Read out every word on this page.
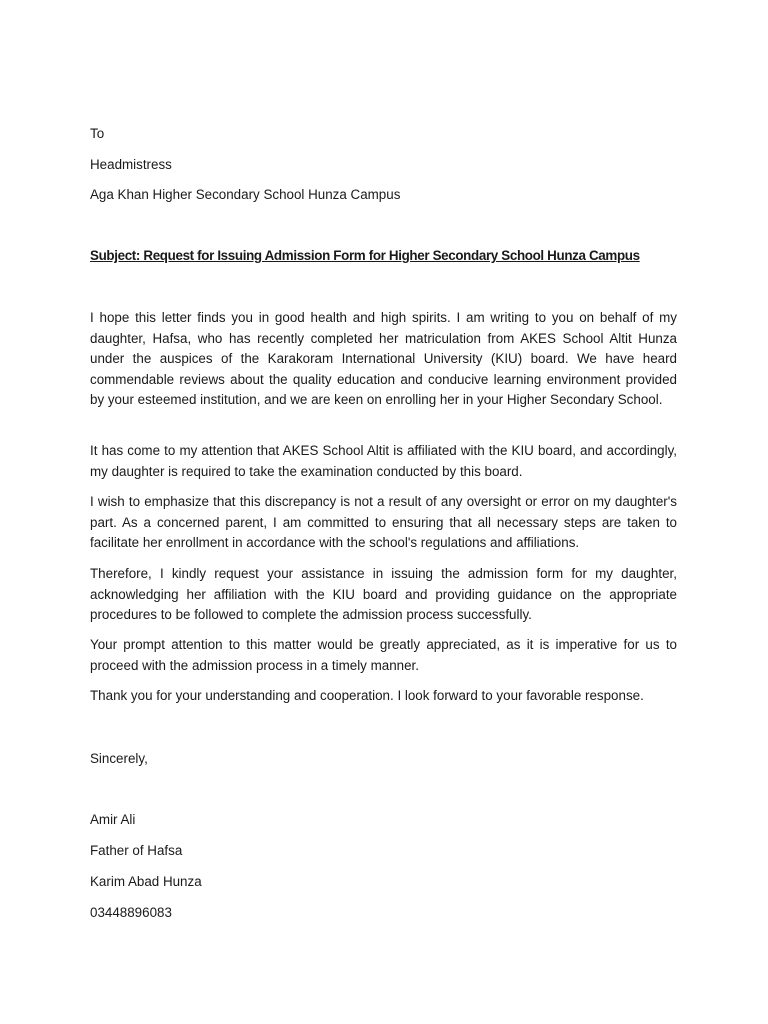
To
Headmistress
Aga Khan Higher Secondary School Hunza Campus
Subject: Request for Issuing Admission Form for Higher Secondary School Hunza Campus

I hope this letter finds you in good health and high spirits. I am writing to you on behalf of my daughter, Hafsa, who has recently completed her matriculation from AKES School Altit Hunza under the auspices of the Karakoram International University (KIU) board. We have heard commendable reviews about the quality education and conducive learning environment provided by your esteemed institution, and we are keen on enrolling her in your Higher Secondary School.

It has come to my attention that AKES School Altit is affiliated with the KIU board, and accordingly, my daughter is required to take the examination conducted by this board.

I wish to emphasize that this discrepancy is not a result of any oversight or error on my daughter's part. As a concerned parent, I am committed to ensuring that all necessary steps are taken to facilitate her enrollment in accordance with the school's regulations and affiliations.

Therefore, I kindly request your assistance in issuing the admission form for my daughter, acknowledging her affiliation with the KIU board and providing guidance on the appropriate procedures to be followed to complete the admission process successfully.

Your prompt attention to this matter would be greatly appreciated, as it is imperative for us to proceed with the admission process in a timely manner.

Thank you for your understanding and cooperation. I look forward to your favorable response.

Sincerely,
Amir Ali
Father of Hafsa
Karim Abad Hunza
03448896083
